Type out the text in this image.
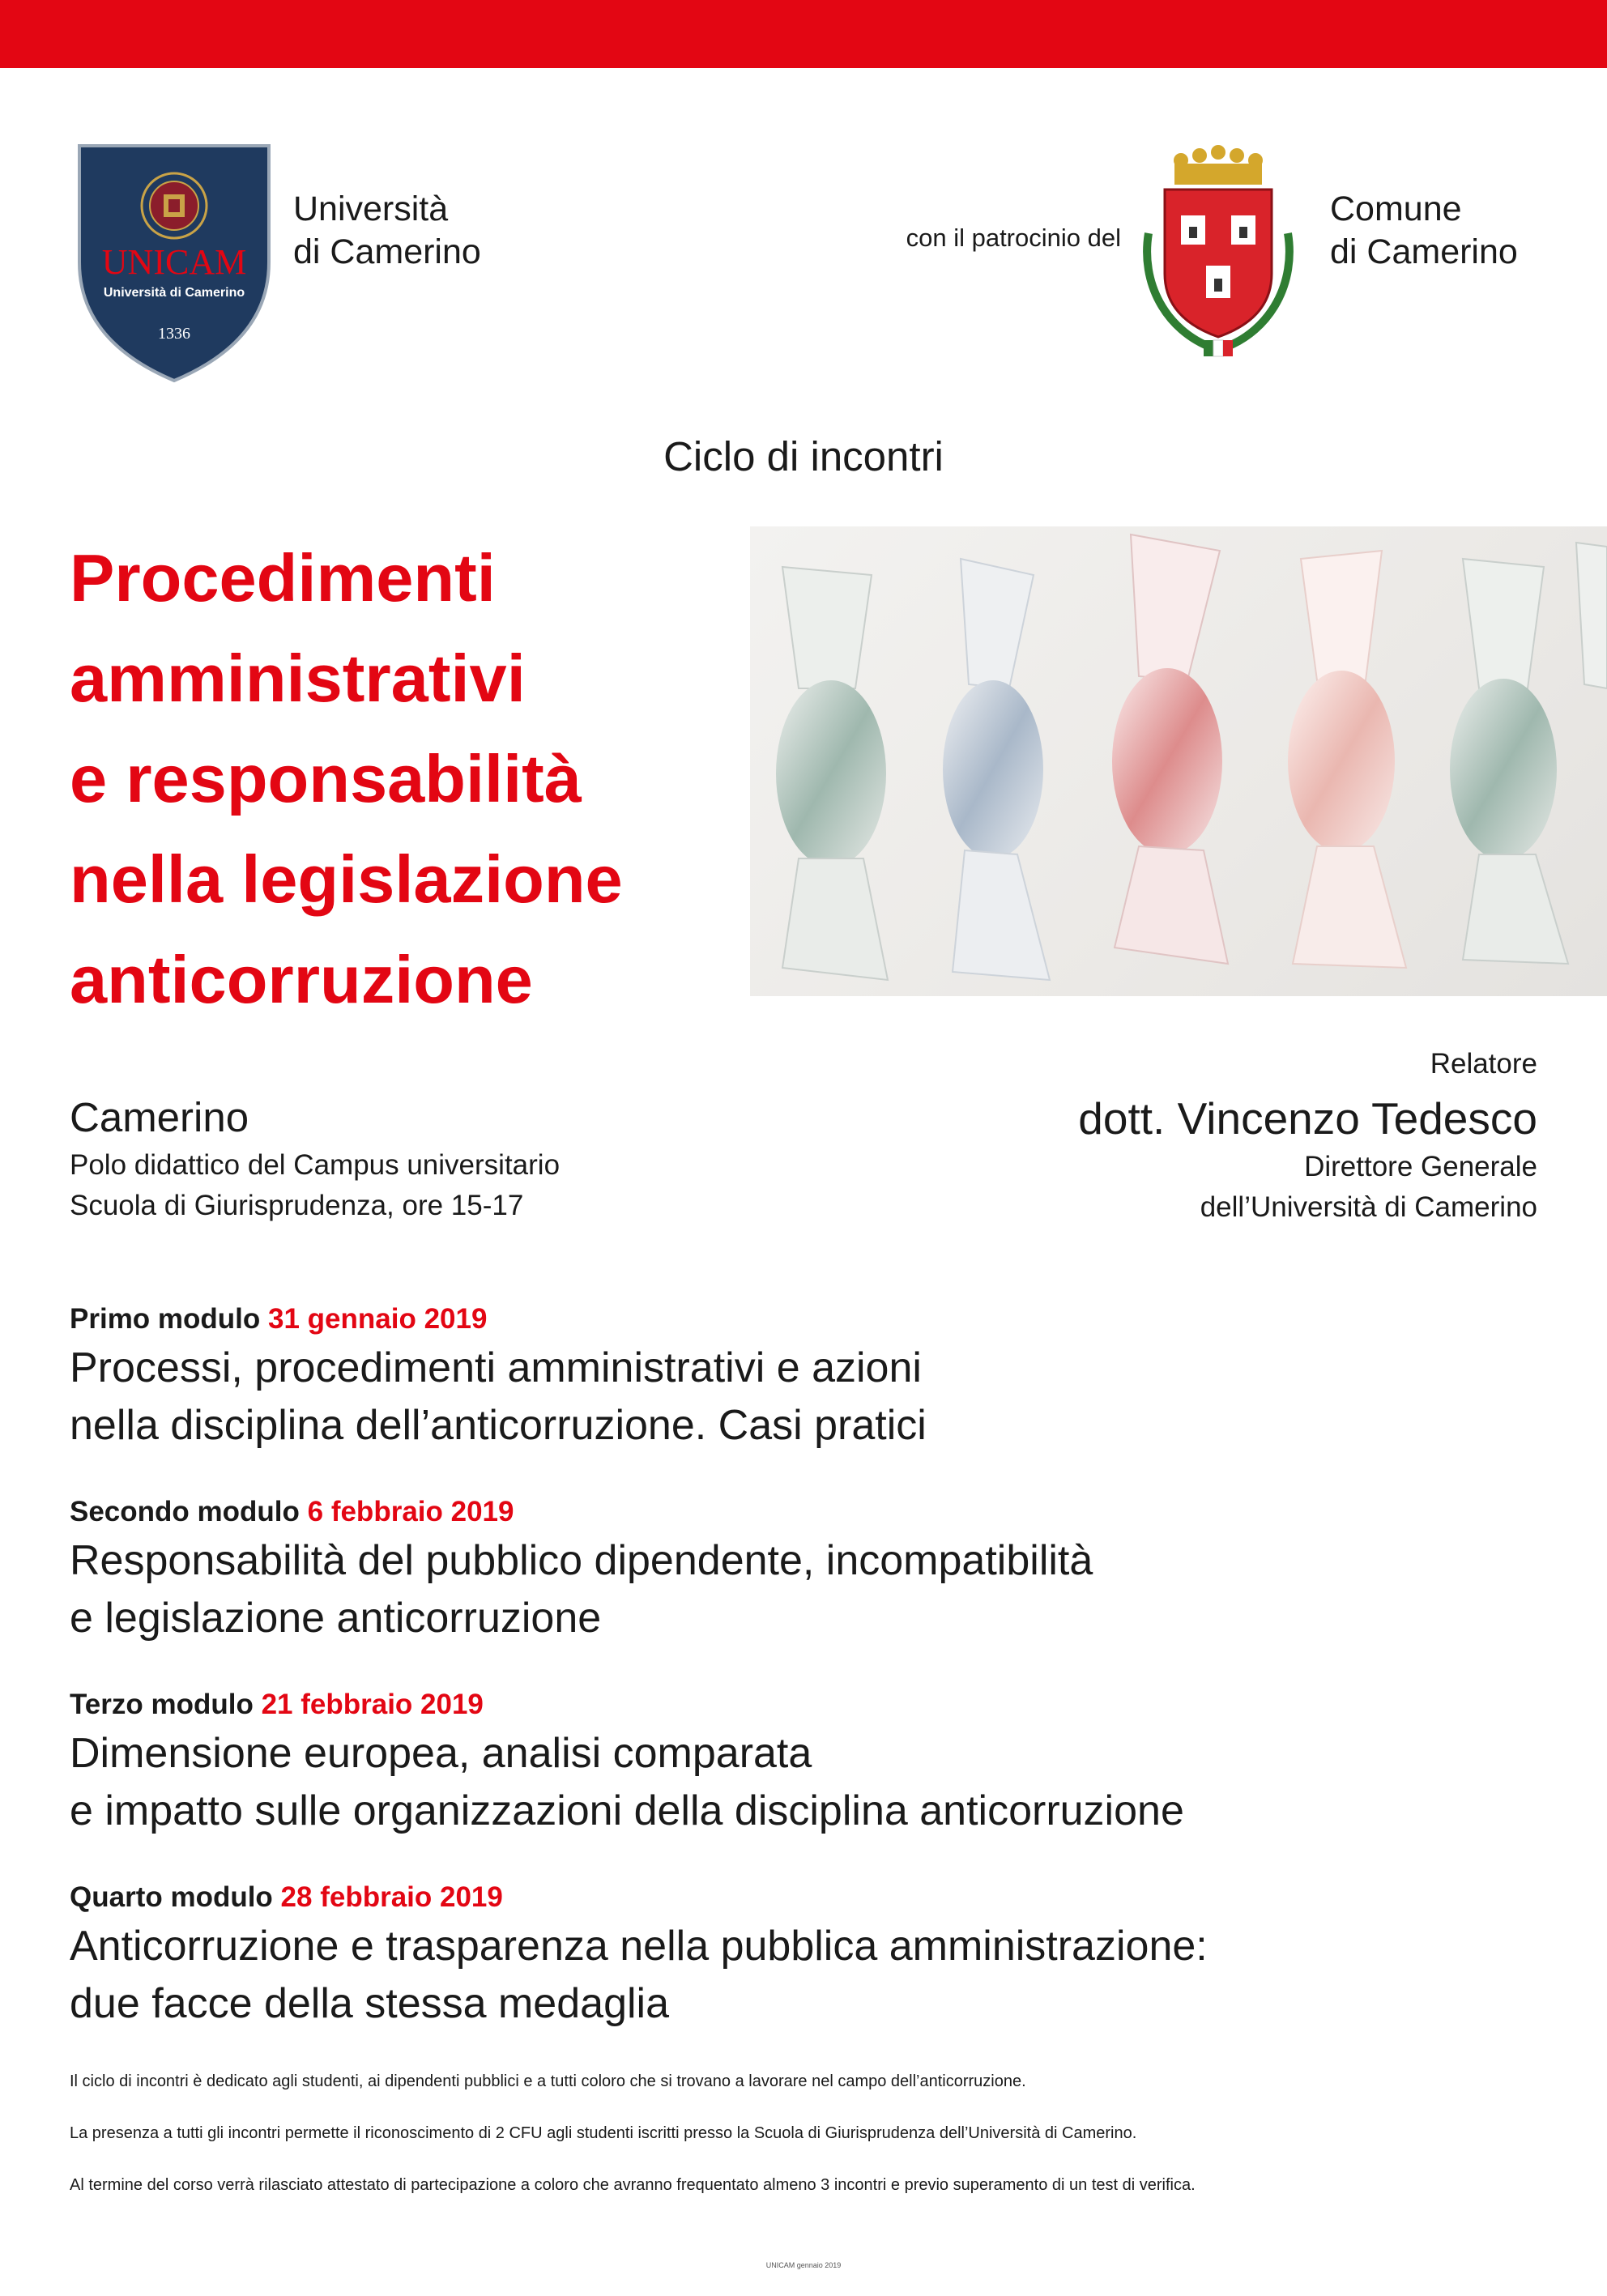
UNICAM
Università di Camerino
1336
Università
di Camerino	con il patrocinio del
Comune
di Camerino
Ciclo di incontri
Procedimenti
amministrativi
e responsabilità
nella legislazione
anticorruzione
Camerino
Polo didattico del Campus universitario
Scuola di Giurisprudenza, ore 15-17
Relatore
dott. Vincenzo Tedesco
Direttore Generale
dell’Università di Camerino
Primo modulo 31 gennaio 2019
Processi, procedimenti amministrativi e azioni
nella disciplina dell’anticorruzione. Casi pratici
Secondo modulo 6 febbraio 2019
Responsabilità del pubblico dipendente, incompatibilità
e legislazione anticorruzione
Terzo modulo 21 febbraio 2019
Dimensione europea, analisi comparata
e impatto sulle organizzazioni della disciplina anticorruzione
Quarto modulo 28 febbraio 2019
Anticorruzione e trasparenza nella pubblica amministrazione:
due facce della stessa medaglia

Il ciclo di incontri è dedicato agli studenti, ai dipendenti pubblici e a tutti coloro che si trovano a lavorare nel campo dell’anticorruzione.

La presenza a tutti gli incontri permette il riconoscimento di 2 CFU agli studenti iscritti presso la Scuola di Giurisprudenza dell’Università di Camerino.

Al termine del corso verrà rilasciato attestato di partecipazione a coloro che avranno frequentato almeno 3 incontri e previo superamento di un test di verifica.

UNICAM gennaio 2019
